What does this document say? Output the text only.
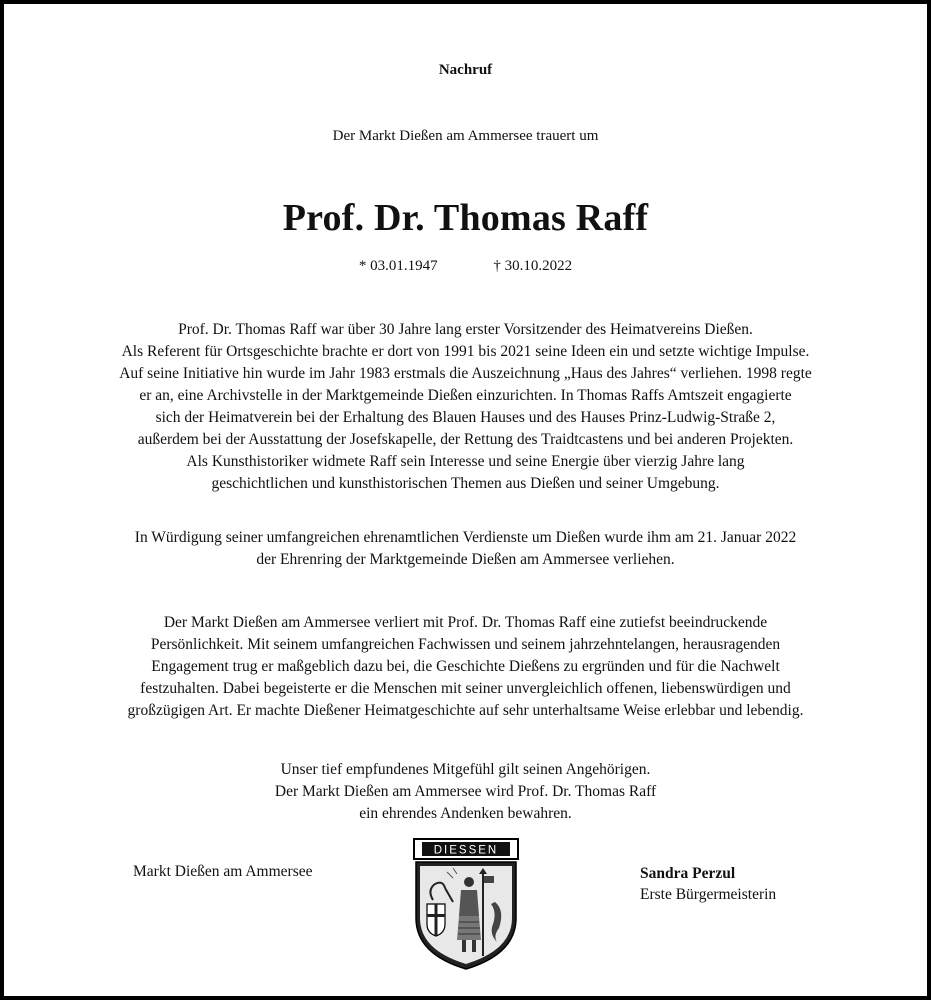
Nachruf
Der Markt Dießen am Ammersee trauert um
Prof. Dr. Thomas Raff
* 03.01.1947	† 30.10.2022
Prof. Dr. Thomas Raff war über 30 Jahre lang erster Vorsitzender des Heimatvereins Dießen.
Als Referent für Ortsgeschichte brachte er dort von 1991 bis 2021 seine Ideen ein und setzte wichtige Impulse.
Auf seine Initiative hin wurde im Jahr 1983 erstmals die Auszeichnung „Haus des Jahres“ verliehen. 1998 regte
er an, eine Archivstelle in der Marktgemeinde Dießen einzurichten. In Thomas Raffs Amtszeit engagierte
sich der Heimatverein bei der Erhaltung des Blauen Hauses und des Hauses Prinz-Ludwig-Straße 2,
außerdem bei der Ausstattung der Josefskapelle, der Rettung des Traidtcastens und bei anderen Projekten.
Als Kunsthistoriker widmete Raff sein Interesse und seine Energie über vierzig Jahre lang
geschichtlichen und kunsthistorischen Themen aus Dießen und seiner Umgebung.
In Würdigung seiner umfangreichen ehrenamtlichen Verdienste um Dießen wurde ihm am 21. Januar 2022
der Ehrenring der Marktgemeinde Dießen am Ammersee verliehen.
Der Markt Dießen am Ammersee verliert mit Prof. Dr. Thomas Raff eine zutiefst beeindruckende
Persönlichkeit. Mit seinem umfangreichen Fachwissen und seinem jahrzehntelangen, herausragenden
Engagement trug er maßgeblich dazu bei, die Geschichte Dießens zu ergründen und für die Nachwelt
festzuhalten. Dabei begeisterte er die Menschen mit seiner unvergleichlich offenen, liebenswürdigen und
großzügigen Art. Er machte Dießener Heimatgeschichte auf sehr unterhaltsame Weise erlebbar und lebendig.
Unser tief empfundenes Mitgefühl gilt seinen Angehörigen.
Der Markt Dießen am Ammersee wird Prof. Dr. Thomas Raff
ein ehrendes Andenken bewahren.
Markt Dießen am Ammersee
DIESSEN
Sandra Perzul
Erste Bürgermeisterin
